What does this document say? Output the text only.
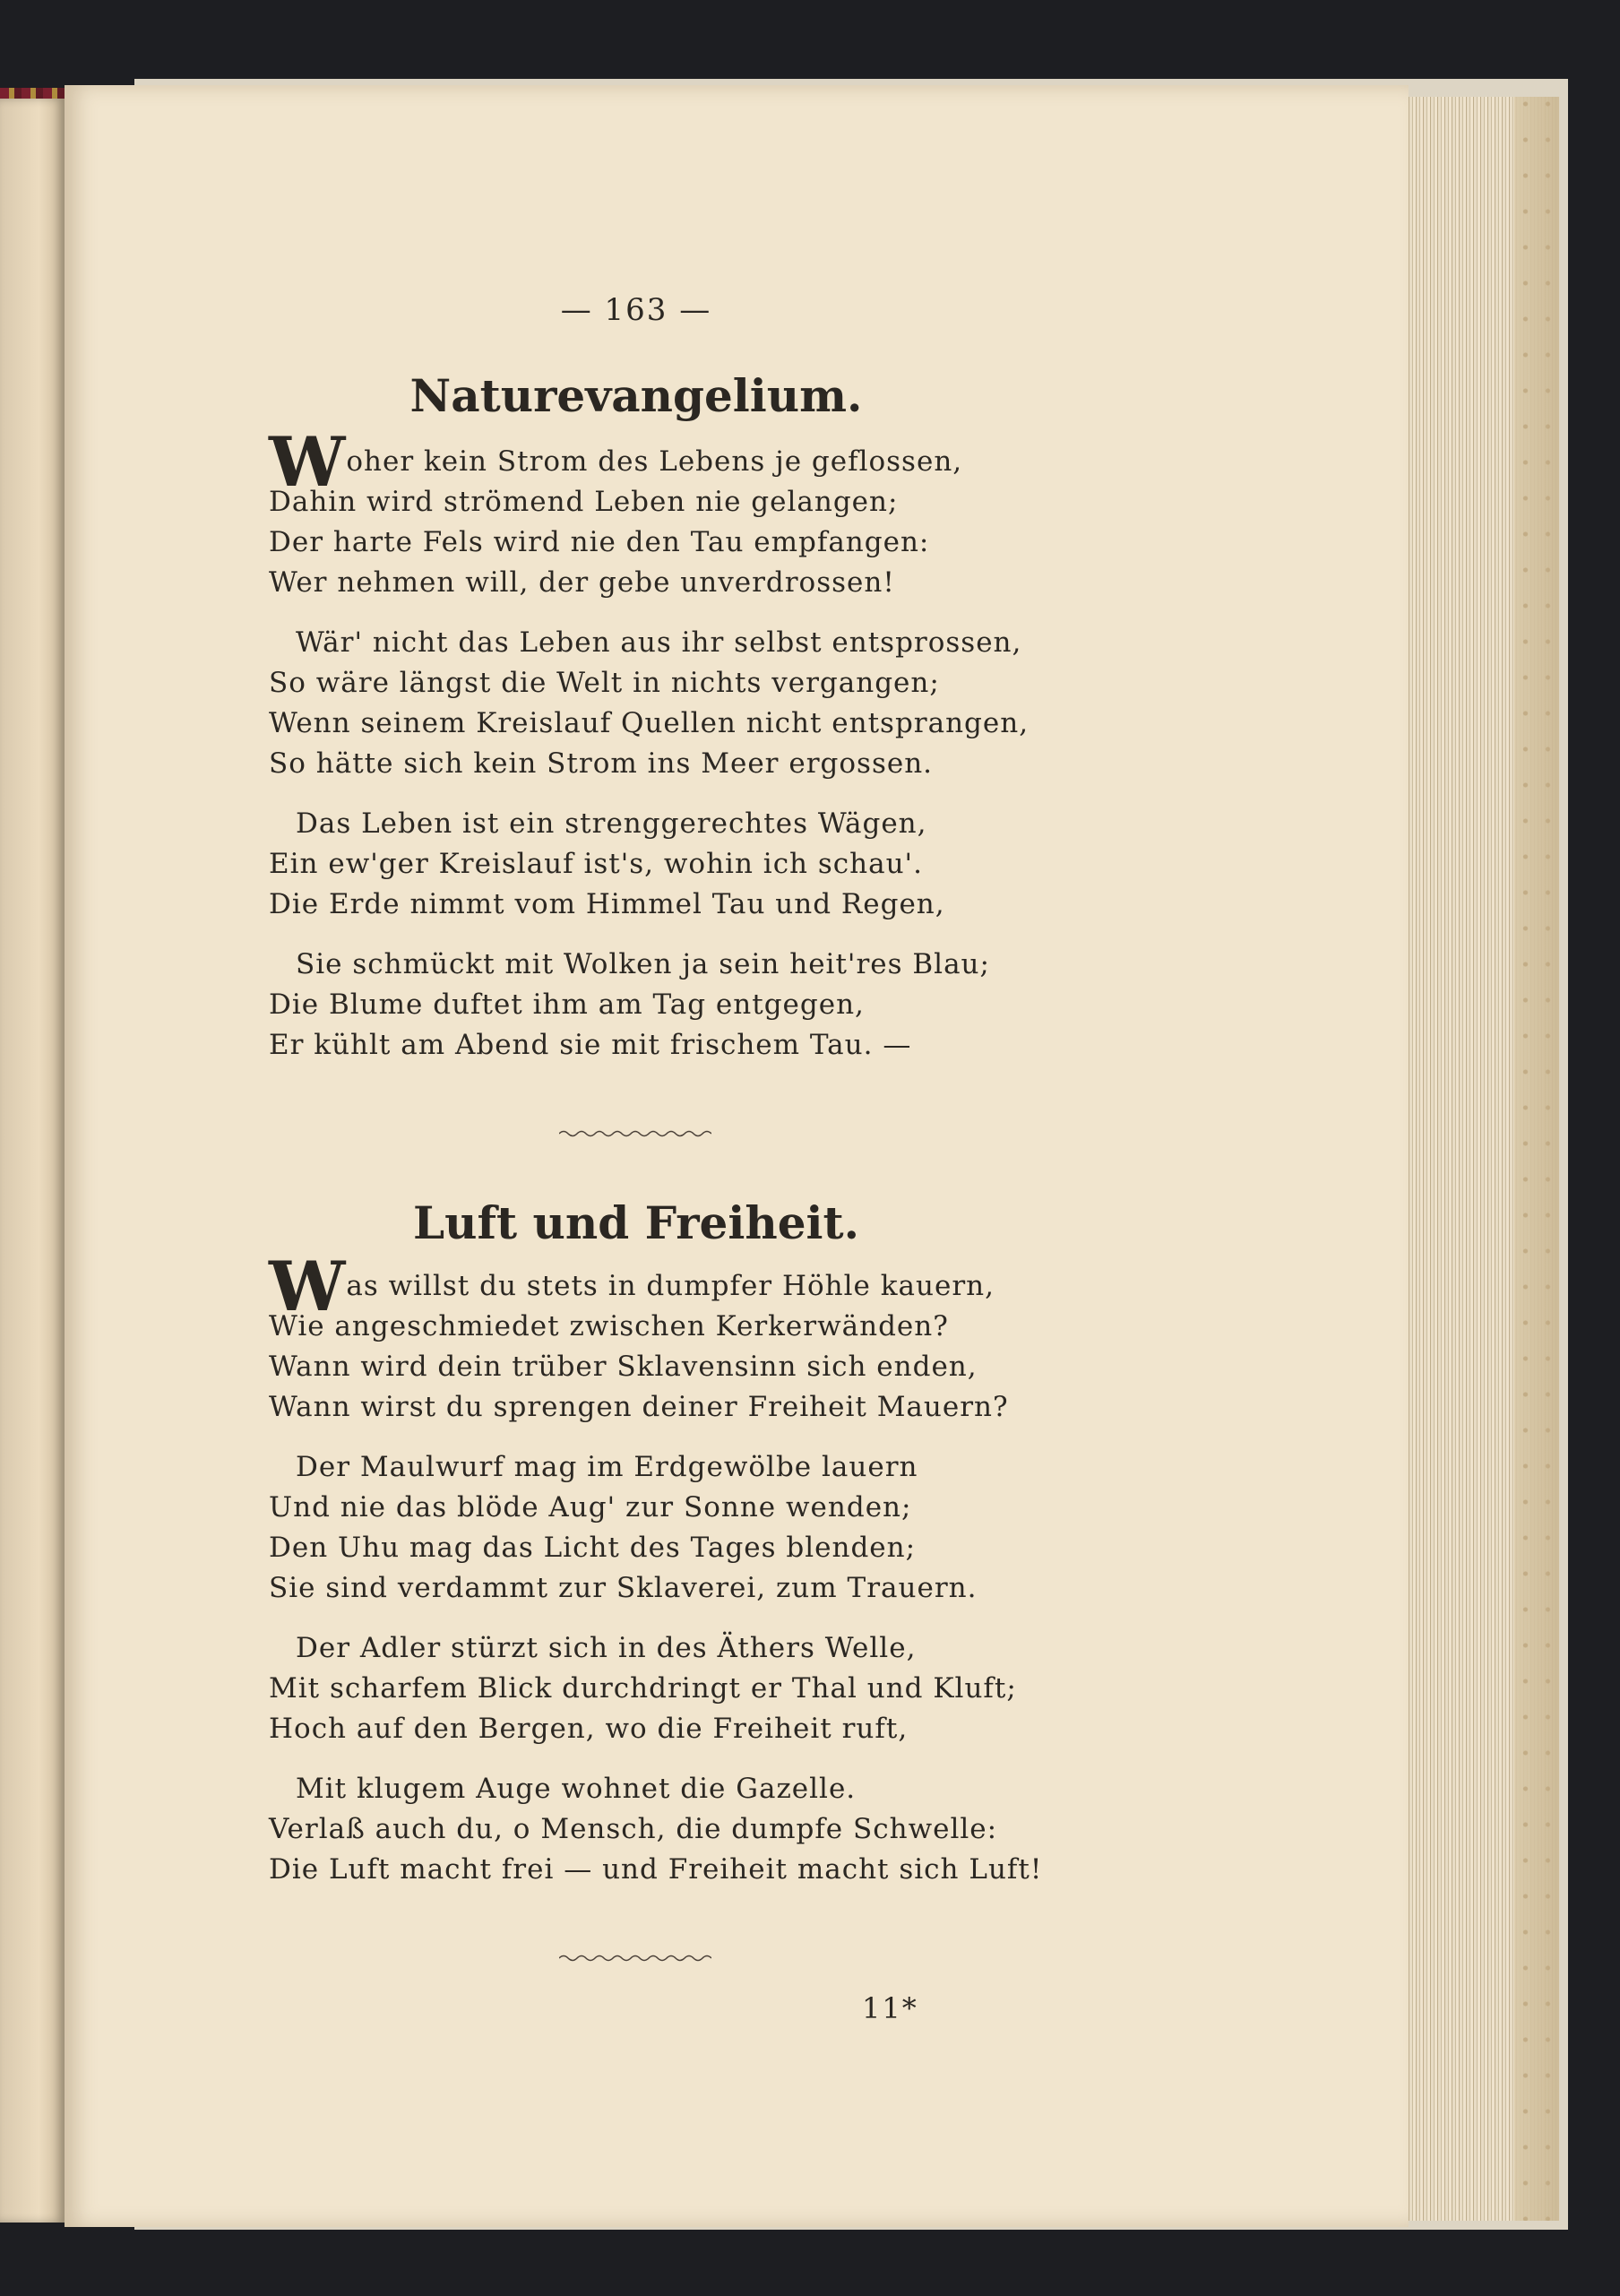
— 163 —
Naturevangelium.
Woher kein Strom des Lebens je geflossen,
Dahin wird strömend Leben nie gelangen;
Der harte Fels wird nie den Tau empfangen:
Wer nehmen will, der gebe unverdrossen!
Wär' nicht das Leben aus ihr selbst entsprossen,
So wäre längst die Welt in nichts vergangen;
Wenn seinem Kreislauf Quellen nicht entsprangen,
So hätte sich kein Strom ins Meer ergossen.
Das Leben ist ein strenggerechtes Wägen,
Ein ew'ger Kreislauf ist's, wohin ich schau'.
Die Erde nimmt vom Himmel Tau und Regen,
Sie schmückt mit Wolken ja sein heit'res Blau;
Die Blume duftet ihm am Tag entgegen,
Er kühlt am Abend sie mit frischem Tau. —
Luft und Freiheit.
Was willst du stets in dumpfer Höhle kauern,
Wie angeschmiedet zwischen Kerkerwänden?
Wann wird dein trüber Sklavensinn sich enden,
Wann wirst du sprengen deiner Freiheit Mauern?
Der Maulwurf mag im Erdgewölbe lauern
Und nie das blöde Aug' zur Sonne wenden;
Den Uhu mag das Licht des Tages blenden;
Sie sind verdammt zur Sklaverei, zum Trauern.
Der Adler stürzt sich in des Äthers Welle,
Mit scharfem Blick durchdringt er Thal und Kluft;
Hoch auf den Bergen, wo die Freiheit ruft,
Mit klugem Auge wohnet die Gazelle.
Verlaß auch du, o Mensch, die dumpfe Schwelle:
Die Luft macht frei — und Freiheit macht sich Luft!
11*
